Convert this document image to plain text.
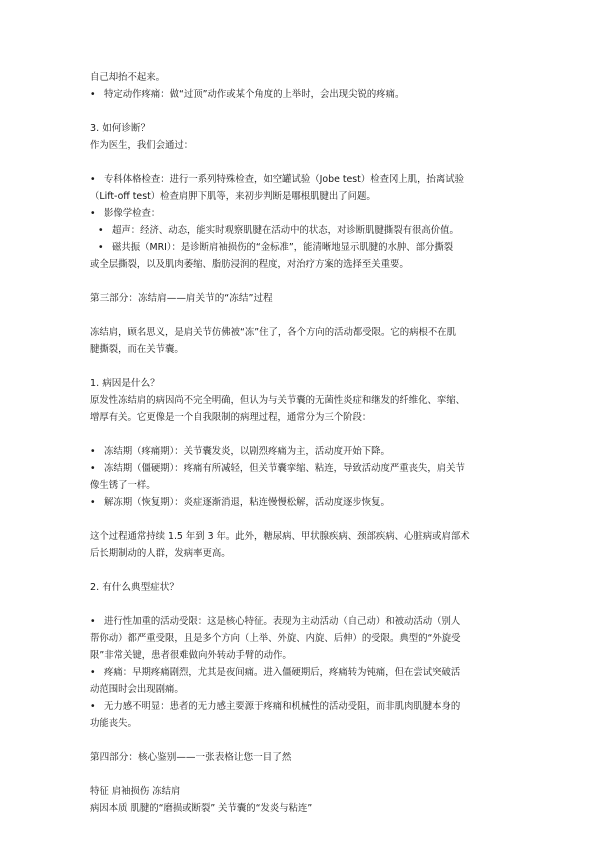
自己却抬不起来。

• 特定动作疼痛：做“过顶”动作或某个角度的上举时，会出现尖锐的疼痛。

3. 如何诊断？

作为医生，我们会通过：

• 专科体格检查：进行一系列特殊检查，如空罐试验（Jobe test）检查冈上肌，抬离试验

（Lift-off test）检查肩胛下肌等，来初步判断是哪根肌腱出了问题。

• 影像学检查：

• 超声：经济、动态，能实时观察肌腱在活动中的状态，对诊断肌腱撕裂有很高价值。

• 磁共振（MRI）：是诊断肩袖损伤的“金标准”，能清晰地显示肌腱的水肿、部分撕裂

或全层撕裂，以及肌肉萎缩、脂肪浸润的程度，对治疗方案的选择至关重要。

第三部分：冻结肩——肩关节的“冻结”过程

冻结肩，顾名思义，是肩关节仿佛被“冻”住了，各个方向的活动都受限。它的病根不在肌

腱撕裂，而在关节囊。

1. 病因是什么？

原发性冻结肩的病因尚不完全明确，但认为与关节囊的无菌性炎症和继发的纤维化、挛缩、

增厚有关。它更像是一个自我限制的病理过程，通常分为三个阶段：

• 冻结期（疼痛期）：关节囊发炎，以剧烈疼痛为主，活动度开始下降。

• 冻结期（僵硬期）：疼痛有所减轻，但关节囊挛缩、粘连，导致活动度严重丧失，肩关节

像生锈了一样。

• 解冻期（恢复期）：炎症逐渐消退，粘连慢慢松解，活动度逐步恢复。

这个过程通常持续 1.5 年到 3 年。此外，糖尿病、甲状腺疾病、颈部疾病、心脏病或肩部术

后长期制动的人群，发病率更高。

2. 有什么典型症状？

• 进行性加重的活动受限：这是核心特征。表现为主动活动（自己动）和被动活动（别人

帮你动）都严重受限，且是多个方向（上举、外旋、内旋、后伸）的受限。典型的“外旋受

限”非常关键，患者很难做向外转动手臂的动作。

• 疼痛：早期疼痛剧烈，尤其是夜间痛。进入僵硬期后，疼痛转为钝痛，但在尝试突破活

动范围时会出现剧痛。

• 无力感不明显：患者的无力感主要源于疼痛和机械性的活动受阻，而非肌肉肌腱本身的

功能丧失。

第四部分：核心鉴别——一张表格让您一目了然

特征 肩袖损伤 冻结肩

病因本质 肌腱的“磨损或断裂” 关节囊的“发炎与粘连”
